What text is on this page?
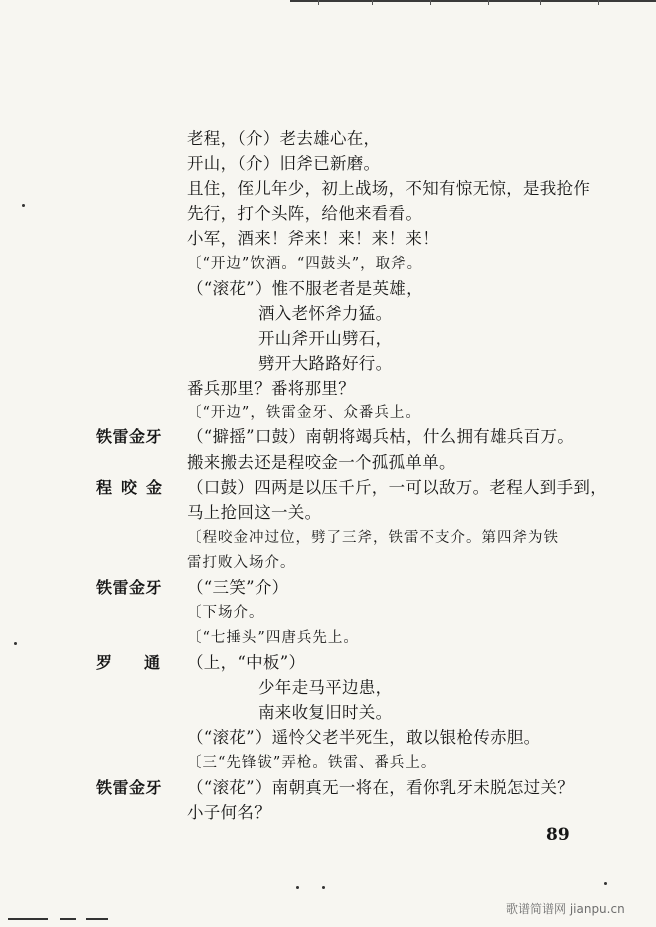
铁雷金牙
程咬金
铁雷金牙
罗通
铁雷金牙
老程，（介）老去雄心在，
开山，（介）旧斧已新磨。
且住，侄儿年少，初上战场，不知有惊无惊，是我抢作
先行，打个头阵，给他来看看。
小军，酒来！斧来！来！来！来！
〔“开边”饮酒。“四鼓头”，取斧。
（“滚花”）惟不服老者是英雄，
酒入老怀斧力猛。
开山斧开山劈石，
劈开大路路好行。
番兵那里？番将那里？
〔“开边”，铁雷金牙、众番兵上。
（“擗摇”口鼓）南朝将竭兵枯，什么拥有雄兵百万。
搬来搬去还是程咬金一个孤孤单单。
（口鼓）四两是以压千斤，一可以敌万。老程人到手到，
马上抢回这一关。
〔程咬金冲过位，劈了三斧，铁雷不支介。第四斧为铁
雷打败入场介。
（“三笑”介）
〔下场介。
〔“七捶头”四唐兵先上。
（上，“中板”）
少年走马平边患，
南来收复旧时关。
（“滚花”）遥怜父老半死生，敢以银枪传赤胆。
〔三“先锋钹”弄枪。铁雷、番兵上。
（“滚花”）南朝真无一将在，看你乳牙未脱怎过关？
小子何名？
89
歌谱简谱网 jianpu.cn
